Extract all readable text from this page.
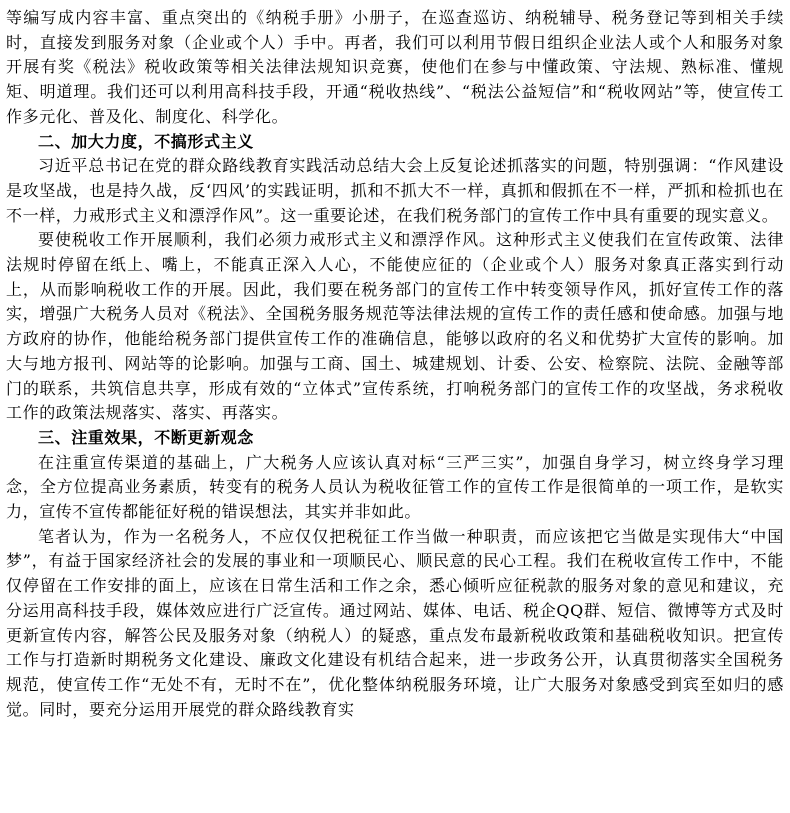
等编写成内容丰富、重点突出的《纳税手册》小册子，在巡查巡访、纳税辅导、税务登记等到相关手续时，直接发到服务对象（企业或个人）手中。再者，我们可以利用节假日组织企业法人或个人和服务对象开展有奖《税法》税收政策等相关法律法规知识竞赛，使他们在参与中懂政策、守法规、熟标准、懂规矩、明道理。我们还可以利用高科技手段，开通“税收热线”、“税法公益短信”和“税收网站”等，使宣传工作多元化、普及化、制度化、科学化。

二、加大力度，不搞形式主义

习近平总书记在党的群众路线教育实践活动总结大会上反复论述抓落实的问题，特别强调：“作风建设是攻坚战，也是持久战，反‘四风’的实践证明，抓和不抓大不一样，真抓和假抓在不一样，严抓和检抓也在不一样，力戒形式主义和漂浮作风”。这一重要论述，在我们税务部门的宣传工作中具有重要的现实意义。

要使税收工作开展顺利，我们必须力戒形式主义和漂浮作风。这种形式主义使我们在宣传政策、法律法规时停留在纸上、嘴上，不能真正深入人心，不能使应征的（企业或个人）服务对象真正落实到行动上，从而影响税收工作的开展。因此，我们要在税务部门的宣传工作中转变领导作风，抓好宣传工作的落实，增强广大税务人员对《税法》、全国税务服务规范等法律法规的宣传工作的责任感和使命感。加强与地方政府的协作，他能给税务部门提供宣传工作的准确信息，能够以政府的名义和优势扩大宣传的影响。加大与地方报刊、网站等的论影响。加强与工商、国土、城建规划、计委、公安、检察院、法院、金融等部门的联系，共筑信息共享，形成有效的“立体式”宣传系统，打响税务部门的宣传工作的攻坚战，务求税收工作的政策法规落实、落实、再落实。

三、注重效果，不断更新观念

在注重宣传渠道的基础上，广大税务人应该认真对标“三严三实”，加强自身学习，树立终身学习理念，全方位提高业务素质，转变有的税务人员认为税收征管工作的宣传工作是很简单的一项工作，是软实力，宣传不宣传都能征好税的错误想法，其实并非如此。

笔者认为，作为一名税务人，不应仅仅把税征工作当做一种职责，而应该把它当做是实现伟大“中国梦”，有益于国家经济社会的发展的事业和一项顺民心、顺民意的民心工程。我们在税收宣传工作中，不能仅停留在工作安排的面上，应该在日常生活和工作之余，悉心倾听应征税款的服务对象的意见和建议，充分运用高科技手段，媒体效应进行广泛宣传。通过网站、媒体、电话、税企QQ群、短信、微博等方式及时更新宣传内容，解答公民及服务对象（纳税人）的疑惑，重点发布最新税收政策和基础税收知识。把宣传工作与打造新时期税务文化建设、廉政文化建设有机结合起来，进一步政务公开，认真贯彻落实全国税务规范，使宣传工作“无处不有，无时不在”，优化整体纳税服务环境，让广大服务对象感受到宾至如归的感觉。同时，要充分运用开展党的群众路线教育实
